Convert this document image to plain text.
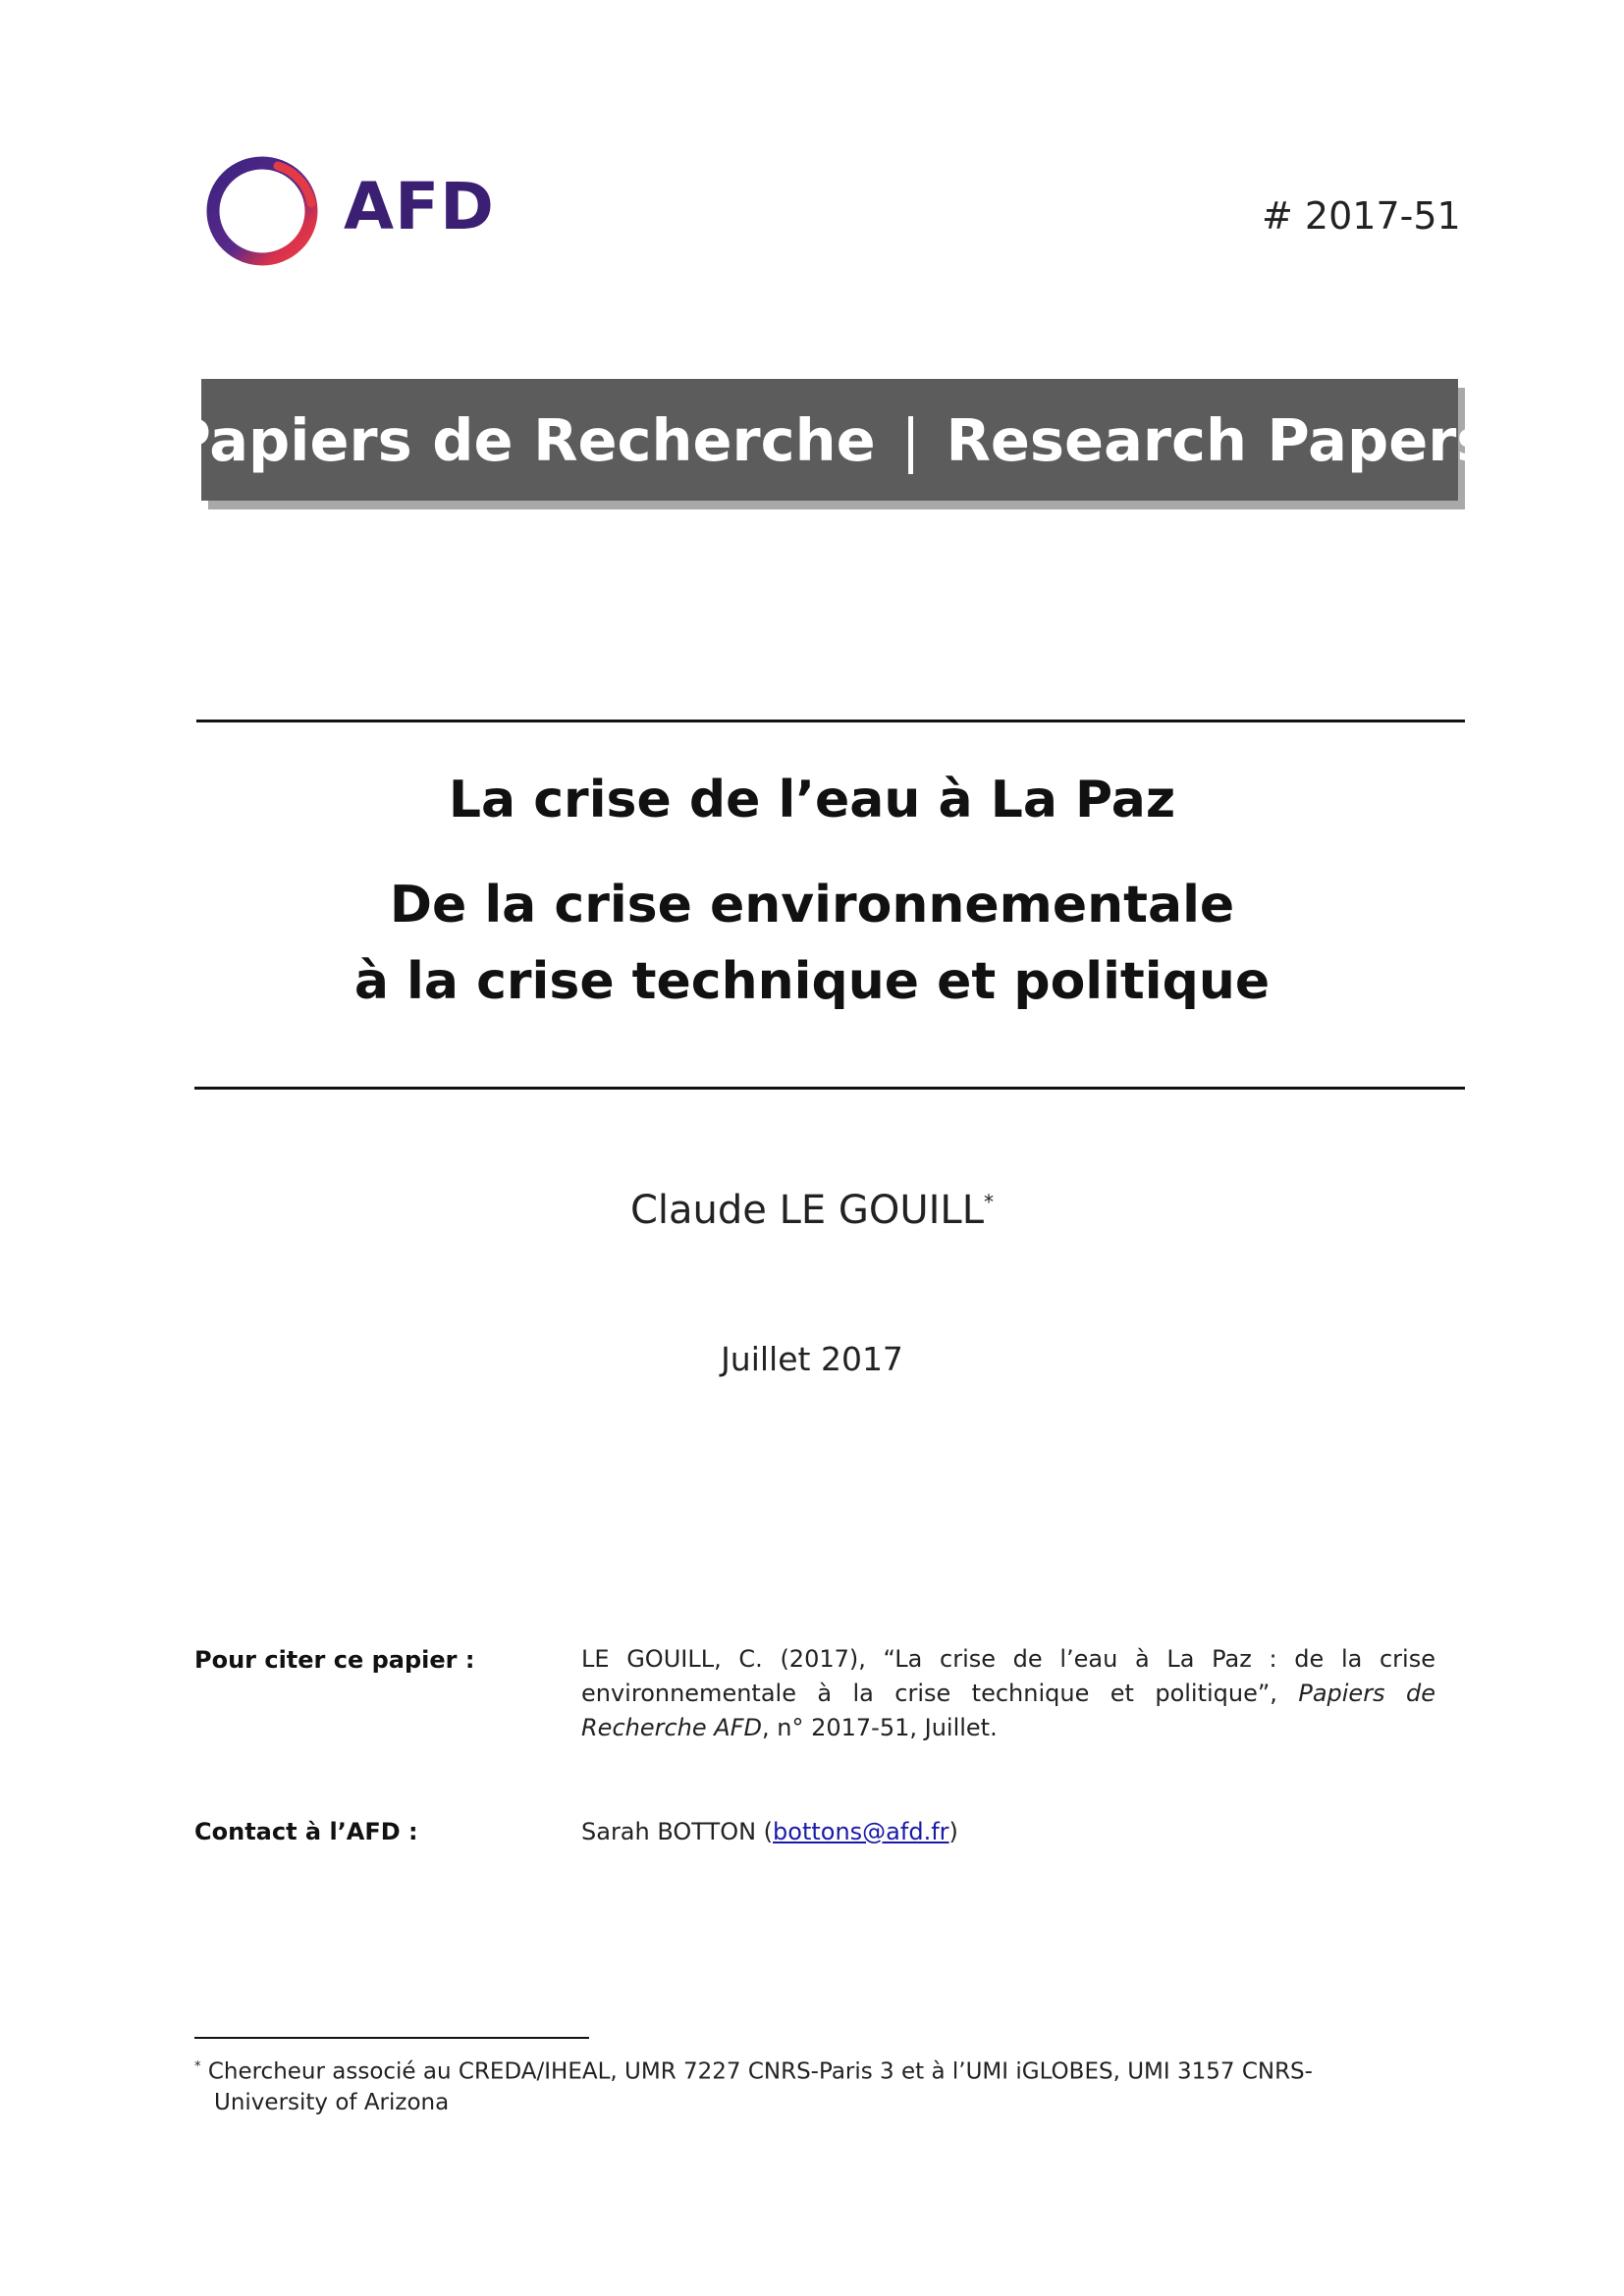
AFD	# 2017-51
Papiers de Recherche | Research Papers
La crise de l’eau à La Paz
De la crise environnementale
à la crise technique et politique
Claude LE GOUILL*
Juillet 2017
Pour citer ce papier :	LE GOUILL, C. (2017), “La crise de l’eau à La Paz : de la crise environnementale à la crise technique et politique”, Papiers de Recherche AFD, n° 2017-51, Juillet.
Contact à l’AFD :	Sarah BOTTON (bottons@afd.fr)
* Chercheur associé au CREDA/IHEAL, UMR 7227 CNRS-Paris 3 et à l’UMI iGLOBES, UMI 3157 CNRS-
University of Arizona
